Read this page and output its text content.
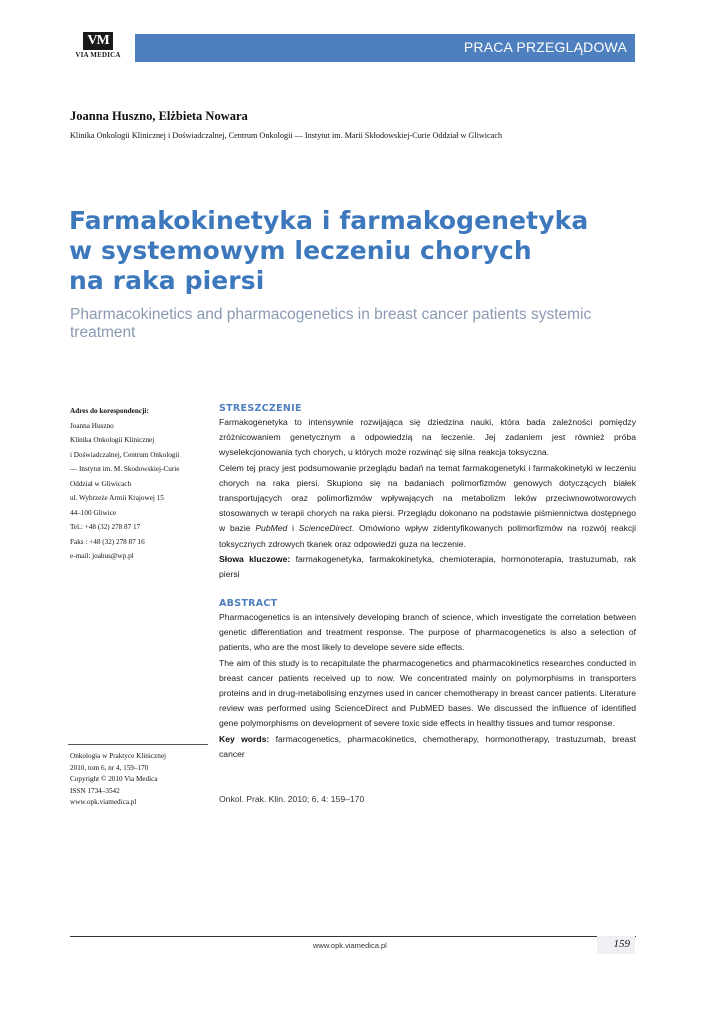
VM
VIA MEDICA	PRACA PRZEGLĄDOWA
Joanna Huszno, Elżbieta Nowara
Klinika Onkologii Klinicznej i Doświadczalnej, Centrum Onkologii — Instytut im. Marii Skłodowskiej-Curie Oddział w Gliwicach
Farmakokinetyka i farmakogenetyka
w systemowym leczeniu chorych
na raka piersi
Pharmacokinetics and pharmacogenetics in breast cancer patients systemic treatment
Adres do korespondencji:
Joanna Huszno
Klinika Onkologii Klinicznej
i Doświadczalnej, Centrum Onkologii
— Instytut im. M. Skodowskiej-Curie
Oddział w Gliwicach
ul. Wybrzeże Armii Krajowej 15
44–100 Gliwice
Tel.: +48 (32) 278 87 17
Faks : +48 (32) 278 87 16
e-mail: joahus@wp.pl
Onkologia w Praktyce Klinicznej
2010, tom 6, nr 4, 159–170
Copyright © 2010 Via Medica
ISSN 1734–3542
www.opk.viamedica.pl
STRESZCZENIE

Farmakogenetyka to intensywnie rozwijająca się dziedzina nauki, która bada zależności pomiędzy zróżnicowaniem genetycznym a odpowiedzią na leczenie. Jej zadaniem jest również próba wyselekcjonowania tych chorych, u których może rozwinąć się silna reakcja toksyczna.

Celem tej pracy jest podsumowanie przeglądu badań na temat farmakogenetyki i farmakokinetyki w leczeniu chorych na raka piersi. Skupiono się na badaniach polimorfizmów genowych dotyczących białek transportujących oraz polimorfizmów wpływających na metabolizm leków przeciwnowotworowych stosowanych w terapii chorych na raka piersi. Przeglądu dokonano na podstawie piśmiennictwa dostępnego w bazie PubMed i ScienceDirect. Omówiono wpływ zidentyfikowanych polimorfizmów na rozwój reakcji toksycznych zdrowych tkanek oraz odpowiedzi guza na leczenie.

Słowa kluczowe: farmakogenetyka, farmakokinetyka, chemioterapia, hormonoterapia, trastuzumab, rak piersi

ABSTRACT

Pharmacogenetics is an intensively developing branch of science, which investigate the correlation between genetic differentiation and treatment response. The purpose of pharmacogenetics is also a selection of patients, who are the most likely to develope severe side effects.

The aim of this study is to recapitulate the pharmacogenetics and pharmacokinetics researches conducted in breast cancer patients received up to now. We concentrated mainly on polymorphisms in transporters proteins and in drug-metabolising enzymes used in cancer chemotherapy in breast cancer patients. Literature review was performed using ScienceDirect and PubMED bases. We discussed the influence of identified gene polymorphisms on development of severe toxic side effects in healthy tissues and tumor response.

Key words: farmacogenetics, pharmacokinetics, chemotherapy, hormonotherapy, trastuzumab, breast cancer

Onkol. Prak. Klin. 2010; 6, 4: 159–170
www.opk.viamedica.pl	159
